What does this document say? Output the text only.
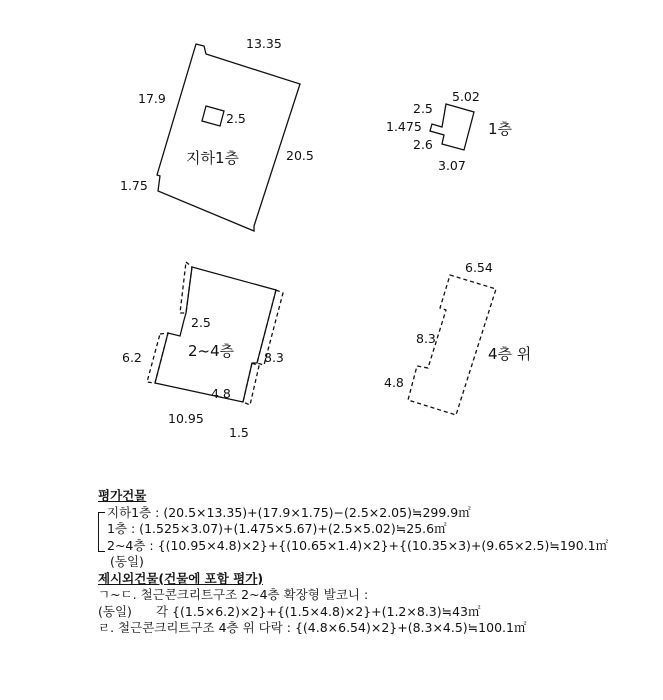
13.35
17.9
20.5
1.75
2.5
지하1층
5.02
2.5
1.475
2.6
3.07
1층
2.5
6.2	8.3
4.8
10.95
1.5
2~4층
6.54
8.3
4.8
4층 위
평가건물
지하1층 : (20.5×13.35)+(17.9×1.75)−(2.5×2.05)≒299.9㎡
1층 : (1.525×3.07)+(1.475×5.67)+(2.5×5.02)≒25.6㎡
2~4층 : {(10.95×4.8)×2}+{(10.65×1.4)×2}+{(10.35×3)+(9.65×2.5)≒190.1㎡
(동일)
제시외건물(건물에 포함 평가)
ㄱ~ㄷ. 철근콘크리트구조 2~4층 확장형 발코니 :
(동일) 각 {(1.5×6.2)×2}+{(1.5×4.8)×2}+(1.2×8.3)≒43㎡
ㄹ. 철근콘크리트구조 4층 위 다락 : {(4.8×6.54)×2}+(8.3×4.5)≒100.1㎡
